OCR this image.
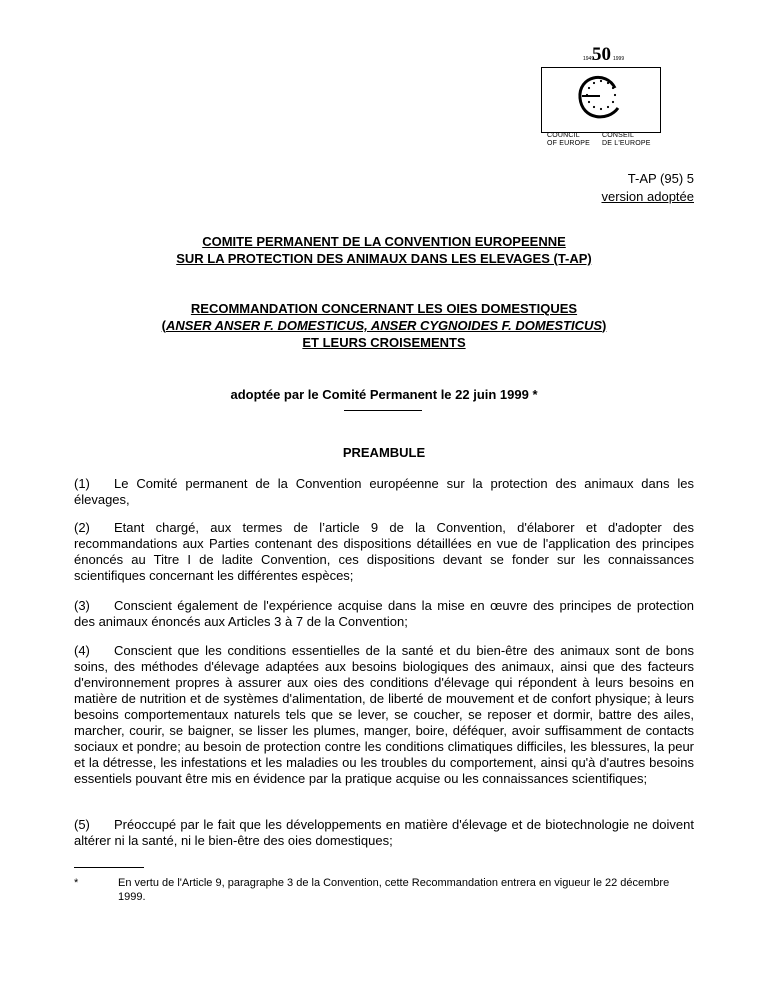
1949
50 1999
COUNCIL
OF EUROPE
CONSEIL
DE L'EUROPE
T-AP (95) 5
version adoptée
COMITE PERMANENT DE LA CONVENTION EUROPEENNE
SUR LA PROTECTION DES ANIMAUX DANS LES ELEVAGES (T-AP)
RECOMMANDATION CONCERNANT LES OIES DOMESTIQUES
(ANSER ANSER F. DOMESTICUS, ANSER CYGNOIDES F. DOMESTICUS)
ET LEURS CROISEMENTS
adoptée par le Comité Permanent le 22 juin 1999 *
PREAMBULE
(1) Le Comité permanent de la Convention européenne sur la protection des animaux dans les élevages,
(2) Etant chargé, aux termes de l’article 9 de la Convention, d'élaborer et d'adopter des recommandations aux Parties contenant des dispositions détaillées en vue de l'application des principes énoncés au Titre I de ladite Convention, ces dispositions devant se fonder sur les connaissances scientifiques concernant les différentes espèces;
(3) Conscient également de l'expérience acquise dans la mise en œuvre des principes de protection des animaux énoncés aux Articles 3 à 7 de la Convention;
(4) Conscient que les conditions essentielles de la santé et du bien-être des animaux sont de bons soins, des méthodes d'élevage adaptées aux besoins biologiques des animaux, ainsi que des facteurs d'environnement propres à assurer aux oies des conditions d'élevage qui répondent à leurs besoins en matière de nutrition et de systèmes d'alimentation, de liberté de mouvement et de confort physique; à leurs besoins comportementaux naturels tels que se lever, se coucher, se reposer et dormir, battre des ailes, marcher, courir, se baigner, se lisser les plumes, manger, boire, déféquer, avoir suffisamment de contacts sociaux et pondre; au besoin de protection contre les conditions climatiques difficiles, les blessures, la peur et la détresse, les infestations et les maladies ou les troubles du comportement, ainsi qu'à d'autres besoins essentiels pouvant être mis en évidence par la pratique acquise ou les connaissances scientifiques;
(5) Préoccupé par le fait que les développements en matière d'élevage et de biotechnologie ne doivent altérer ni la santé, ni le bien-être des oies domestiques;
*	En vertu de l'Article 9, paragraphe 3 de la Convention, cette Recommandation entrera en vigueur le 22 décembre 1999.
